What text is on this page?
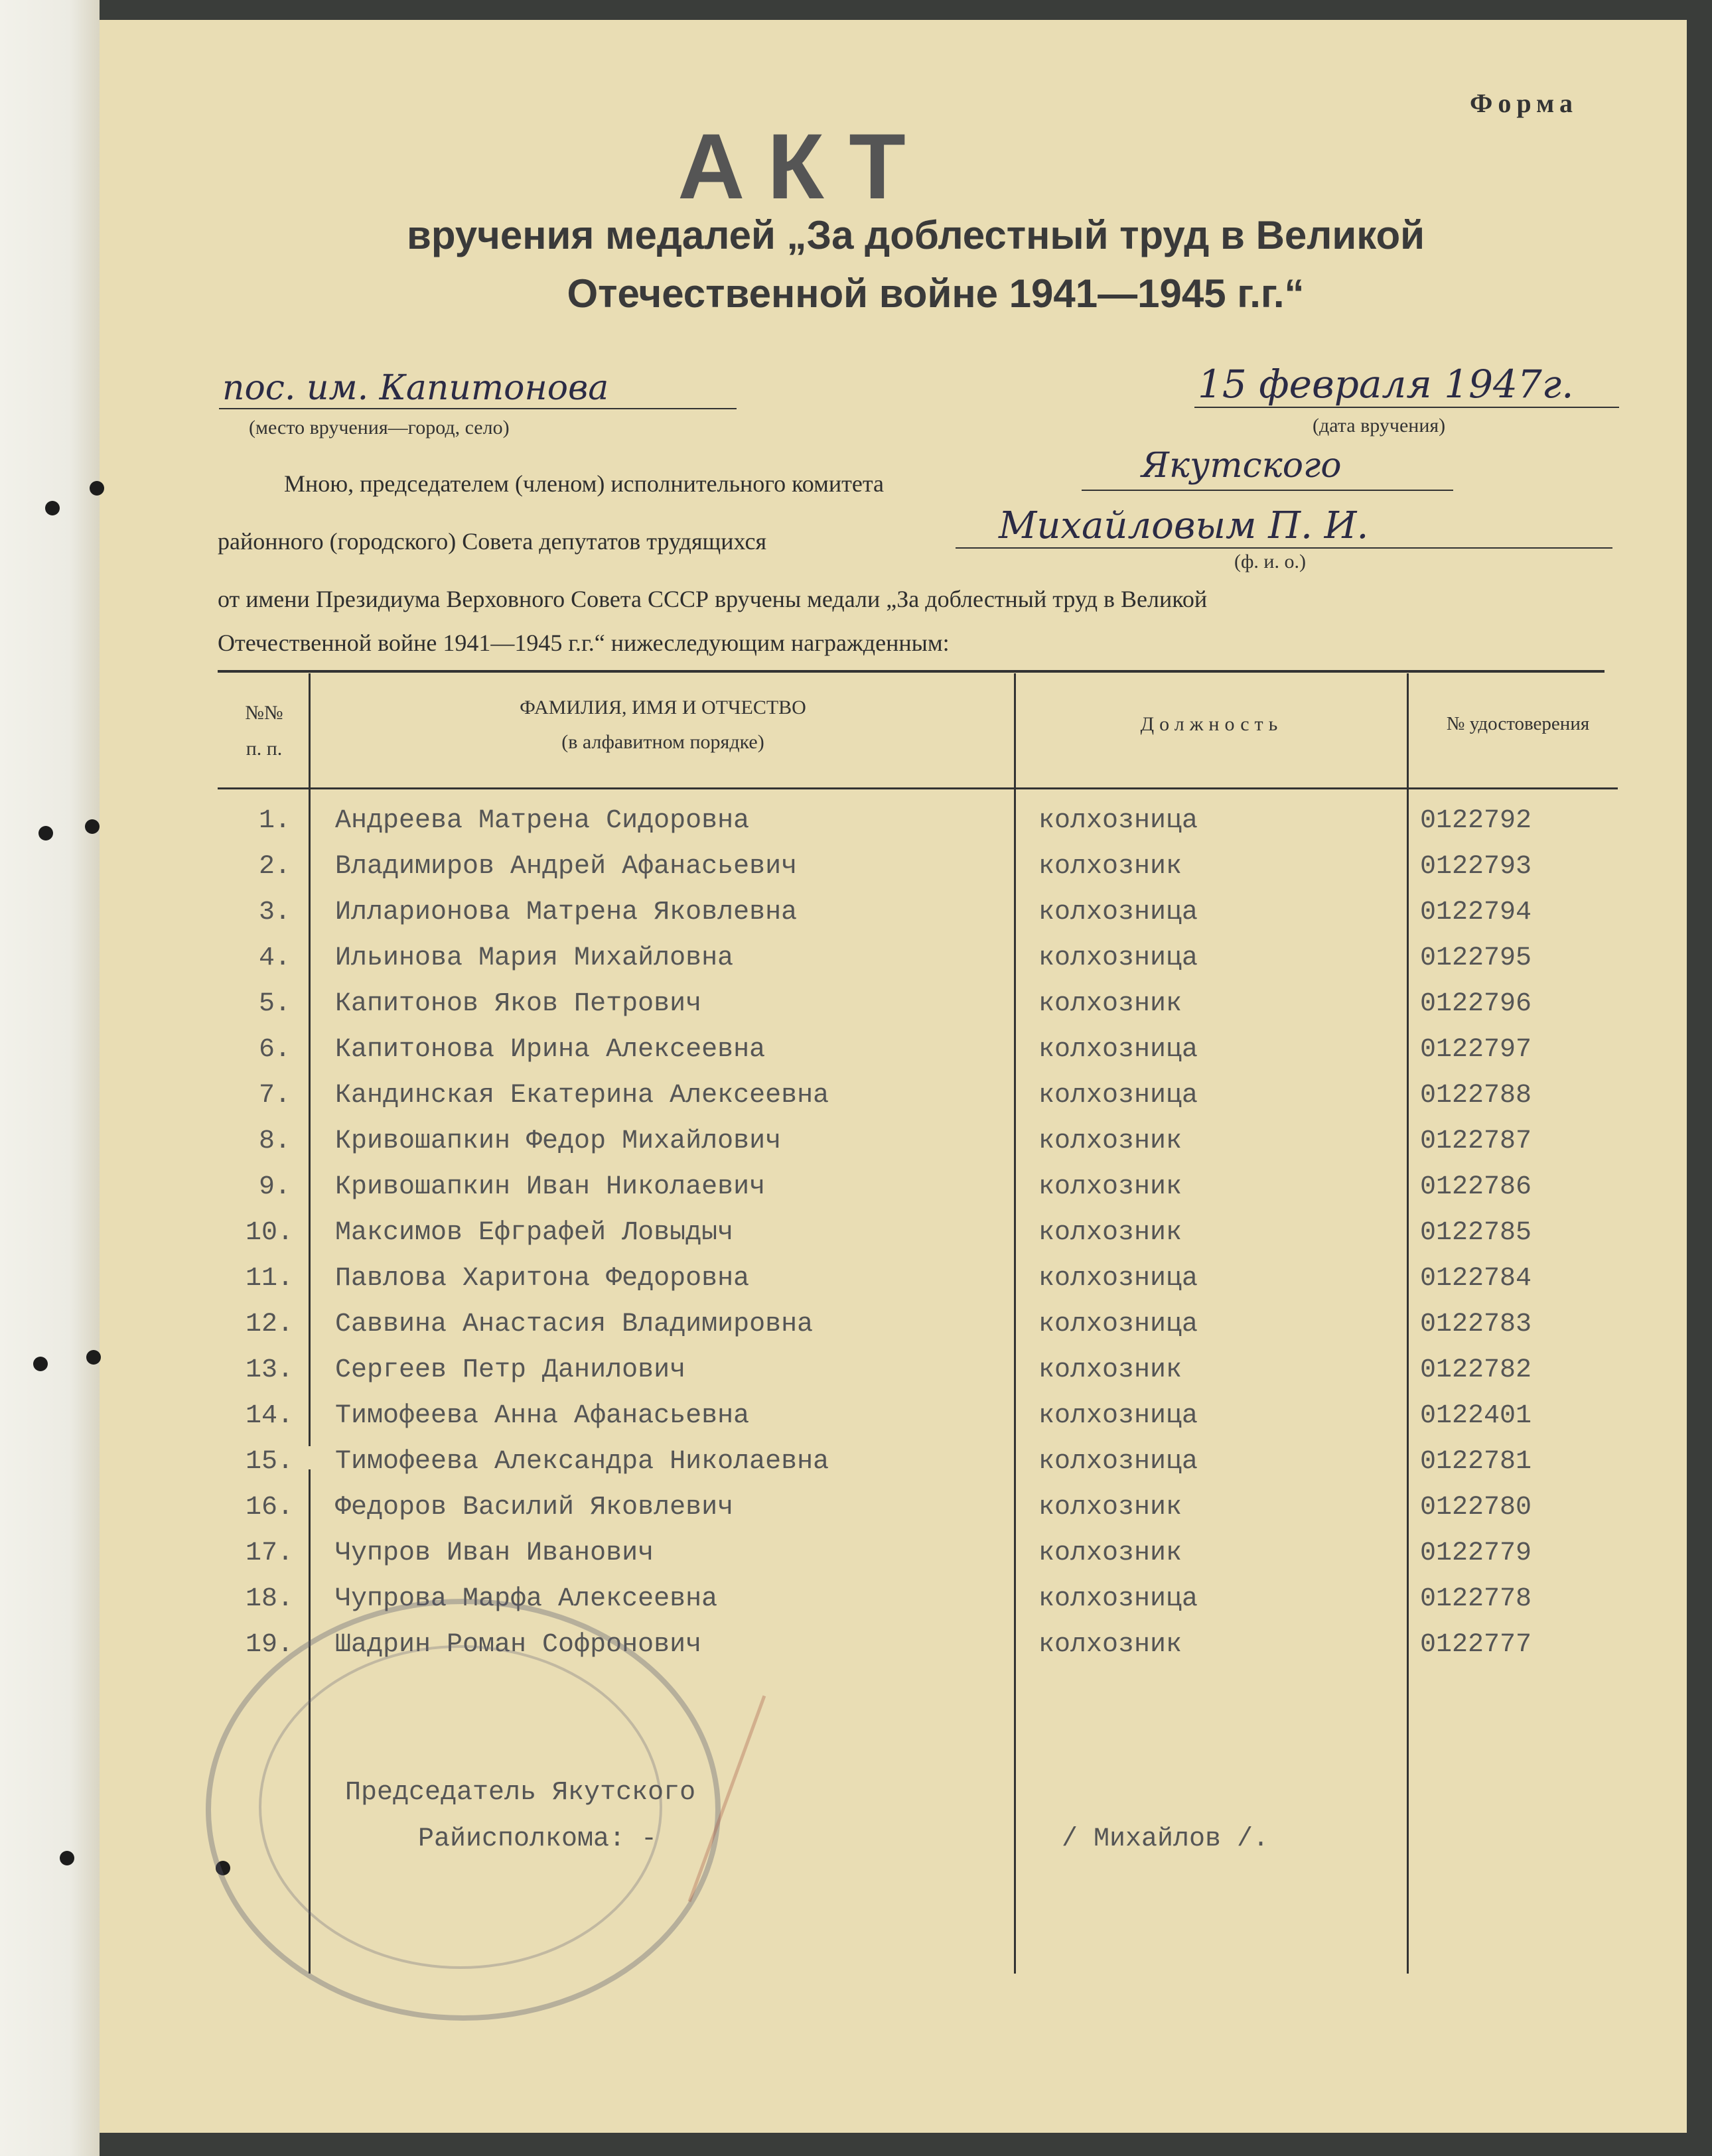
Форма
АКТ
вручения медалей „За доблестный труд в Великой
Отечественной войне 1941—1945 г.г.“
пос. им. Капитонова
(место вручения—город, село)
15 февраля 1947г.
(дата вручения)
Мною, председателем (членом) исполнительного комитета	Якутского
районного (городского) Совета депутатов трудящихся	Михайловым П. И.
(ф. и. о.)
от имени Президиума Верховного Совета СССР вручены медали „За доблестный труд в Великой
Отечественной войне 1941—1945 г.г.“ нижеследующим награжденным:
№№
п. п.
ФАМИЛИЯ, ИМЯ И ОТЧЕСТВО
(в алфавитном порядке)
Должность	№ удостоверения
1. Андреева Матрена Сидоровна	колхозница	0122792
2. Владимиров Андрей Афанасьевич	колхозник	0122793
3. Илларионова Матрена Яковлевна	колхозница	0122794
4. Ильинова Мария Михайловна	колхозница	0122795
5. Капитонов Яков Петрович	колхозник	0122796
6. Капитонова Ирина Алексеевна	колхозница	0122797
7. Кандинская Екатерина Алексеевна	колхозница	0122788
8. Кривошапкин Федор Михайлович	колхозник	0122787
9. Кривошапкин Иван Николаевич	колхозник	0122786
10. Максимов Ефграфей Ловыдыч	колхозник	0122785
11. Павлова Харитона Федоровна	колхозница	0122784
12. Саввина Анастасия Владимировна	колхозница	0122783
13. Сергеев Петр Данилович	колхозник	0122782
14. Тимофеева Анна Афанасьевна	колхозница	0122401
15. Тимофеева Александра Николаевна	колхозница	0122781
16. Федоров Василий Яковлевич	колхозник	0122780
17. Чупров Иван Иванович	колхозник	0122779
18. Чупрова Марфа Алексеевна	колхозница	0122778
19. Шадрин Роман Софронович	колхозник	0122777
Председатель Якутского
Райисполкома: -	/ Михайлов /.
